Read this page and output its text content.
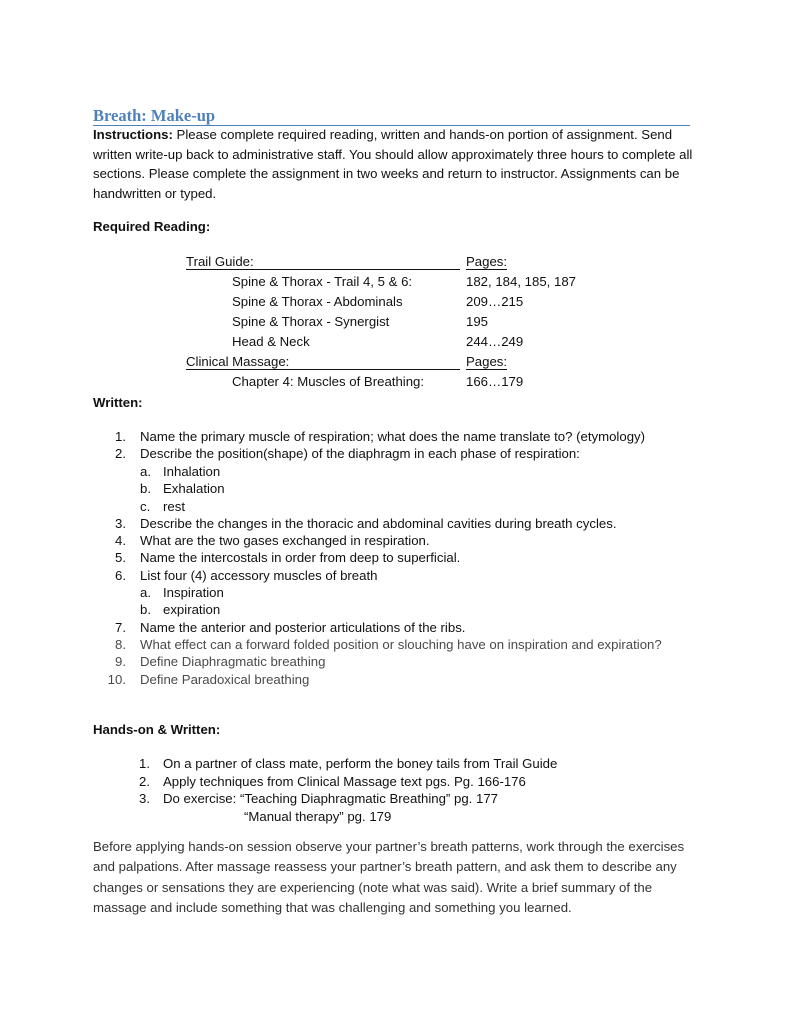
Breath: Make-up
Instructions: Please complete required reading, written and hands-on portion of assignment. Send written write-up back to administrative staff. You should allow approximately three hours to complete all sections. Please complete the assignment in two weeks and return to instructor. Assignments can be handwritten or typed.
Required Reading:
Trail Guide:	Pages:
Spine & Thorax - Trail 4, 5 & 6:	182, 184, 185, 187
Spine & Thorax - Abdominals	209…215
Spine & Thorax - Synergist	195
Head & Neck	244…249
Clinical Massage:	Pages:
Chapter 4: Muscles of Breathing:	166…179
Written:
1. Name the primary muscle of respiration; what does the name translate to? (etymology)
2. Describe the position(shape) of the diaphragm in each phase of respiration:
a. Inhalation
b. Exhalation
c. rest
3. Describe the changes in the thoracic and abdominal cavities during breath cycles.
4. What are the two gases exchanged in respiration.
5. Name the intercostals in order from deep to superficial.
6. List four (4) accessory muscles of breath
a. Inspiration
b. expiration
7. Name the anterior and posterior articulations of the ribs.
8. What effect can a forward folded position or slouching have on inspiration and expiration?
9. Define Diaphragmatic breathing
10. Define Paradoxical breathing
Hands-on & Written:
1. On a partner of class mate, perform the boney tails from Trail Guide
2. Apply techniques from Clinical Massage text pgs. Pg. 166-176
3. Do exercise: “Teaching Diaphragmatic Breathing” pg. 177
“Manual therapy” pg. 179
Before applying hands-on session observe your partner’s breath patterns, work through the exercises and palpations. After massage reassess your partner’s breath pattern, and ask them to describe any changes or sensations they are experiencing (note what was said). Write a brief summary of the massage and include something that was challenging and something you learned.
